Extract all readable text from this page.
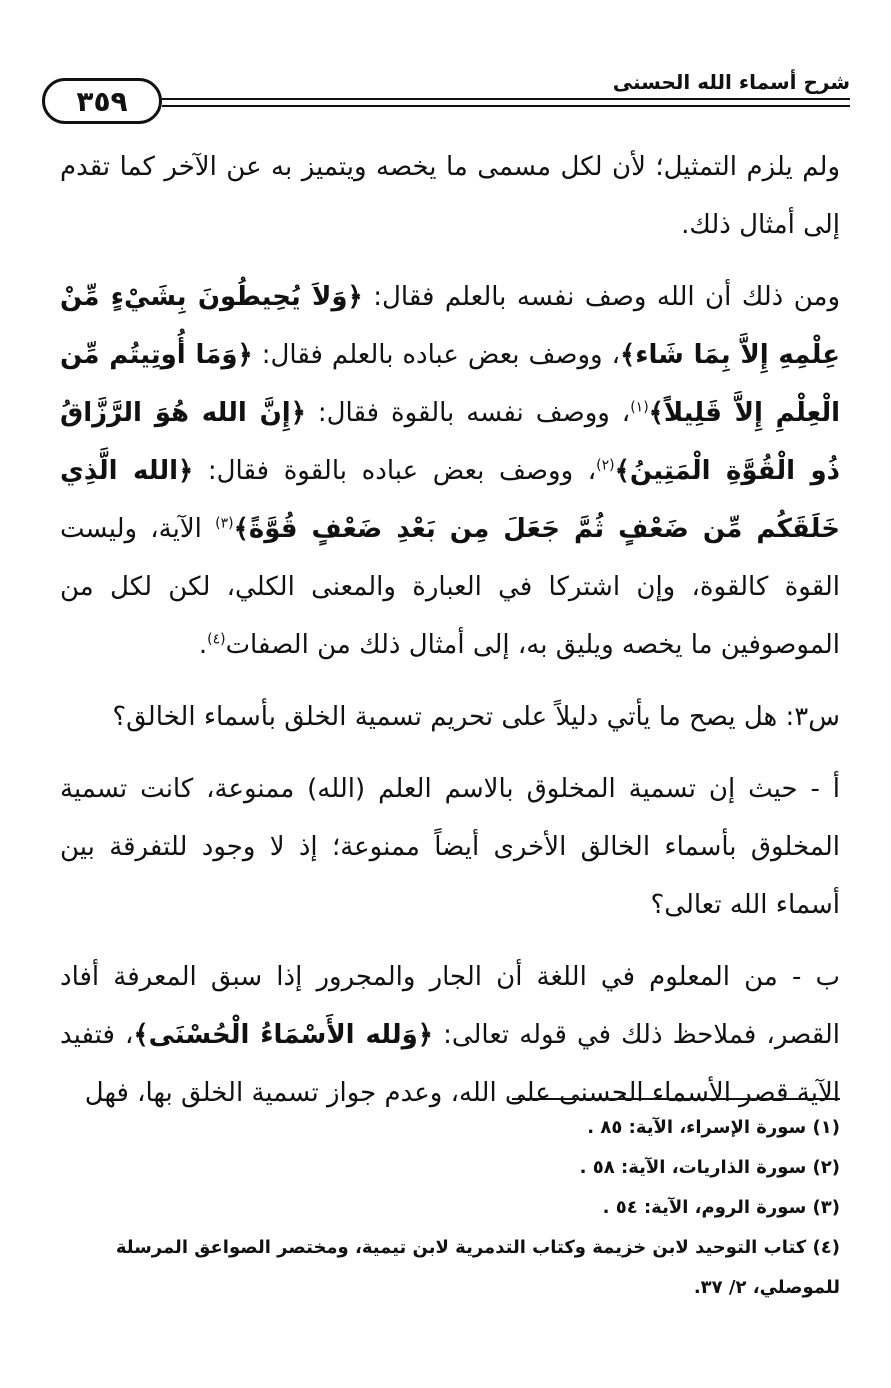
٣٥٩
شرح أسماء الله الحسنى

ولم يلزم التمثيل؛ لأن لكل مسمى ما يخصه ويتميز به عن الآخر كما تقدم إلى أمثال ذلك.

ومن ذلك أن الله وصف نفسه بالعلم فقال: ﴿وَلاَ يُحِيطُونَ بِشَيْءٍ مِّنْ عِلْمِهِ إِلاَّ بِمَا شَاء﴾، ووصف بعض عباده بالعلم فقال: ﴿وَمَا أُوتِيتُم مِّن الْعِلْمِ إِلاَّ قَلِيلاً﴾$^{(١)}$، ووصف نفسه بالقوة فقال: ﴿إِنَّ الله هُوَ الرَّزَّاقُ ذُو الْقُوَّةِ الْمَتِينُ﴾$^{(٢)}$، ووصف بعض عباده بالقوة فقال: ﴿الله الَّذِي خَلَقَكُم مِّن ضَعْفٍ ثُمَّ جَعَلَ مِن بَعْدِ ضَعْفٍ قُوَّةً﴾$^{(٣)}$ الآية، وليست القوة كالقوة، وإن اشتركا في العبارة والمعنى الكلي، لكن لكل من الموصوفين ما يخصه ويليق به، إلى أمثال ذلك من الصفات$^{(٤)}$.

س٣: هل يصح ما يأتي دليلاً على تحريم تسمية الخلق بأسماء الخالق؟

أ - حيث إن تسمية المخلوق بالاسم العلم (الله) ممنوعة، كانت تسمية المخلوق بأسماء الخالق الأخرى أيضاً ممنوعة؛ إذ لا وجود للتفرقة بين أسماء الله تعالى؟

ب - من المعلوم في اللغة أن الجار والمجرور إذا سبق المعرفة أفاد القصر، فملاحظ ذلك في قوله تعالى: ﴿وَلله الأَسْمَاءُ الْحُسْنَى﴾، فتفيد الآية قصر الأسماء الحسنى على الله، وعدم جواز تسمية الخلق بها، فهل

(١) سورة الإسراء، الآية: ٨٥ .
(٢) سورة الذاريات، الآية: ٥٨ .
(٣) سورة الروم، الآية: ٥٤ .
(٤) كتاب التوحيد لابن خزيمة وكتاب التدمرية لابن تيمية، ومختصر الصواعق المرسلة للموصلي، ٢/ ٣٧.
